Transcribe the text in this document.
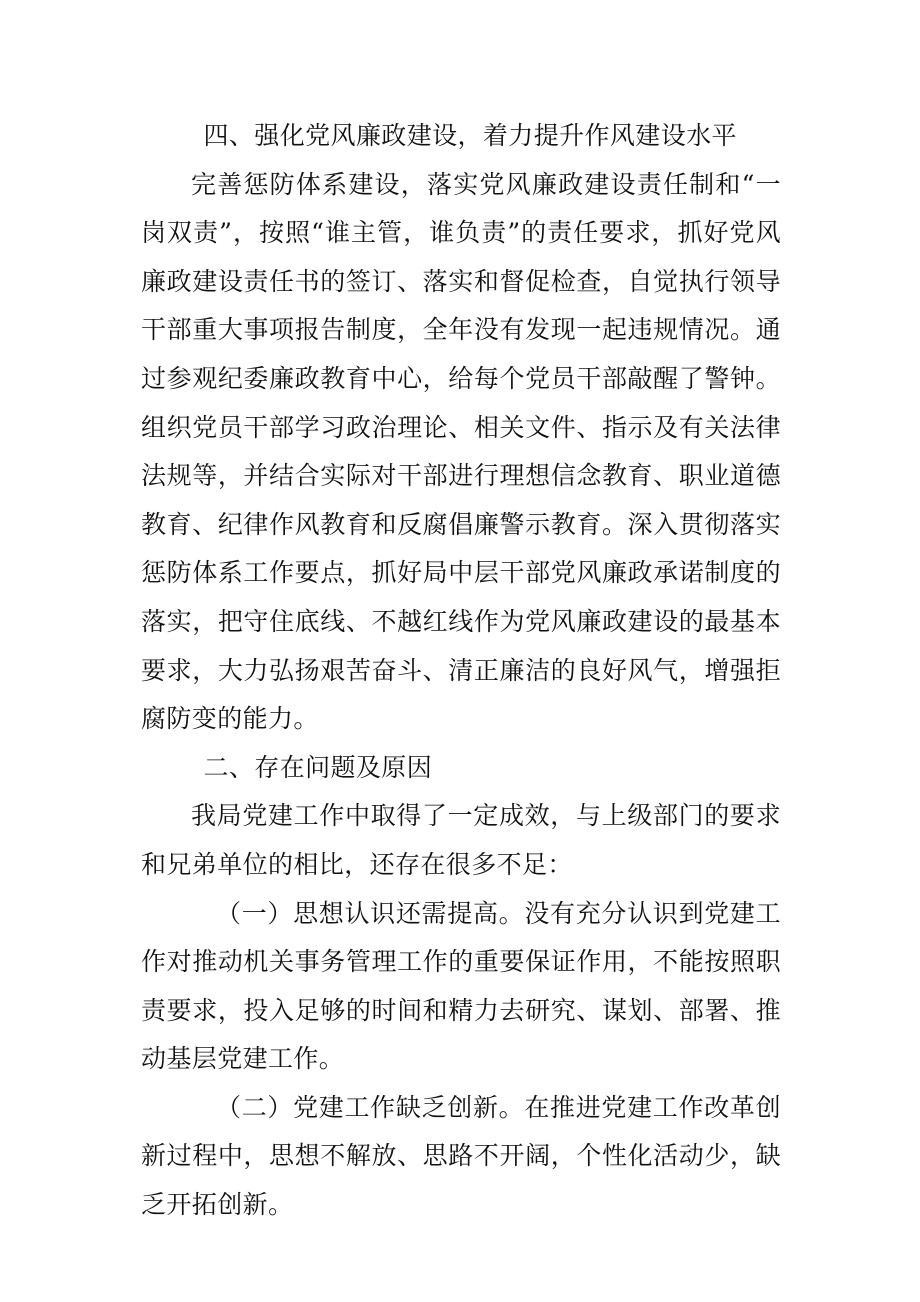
四、强化党风廉政建设，着力提升作风建设水平

完善惩防体系建设，落实党风廉政建设责任制和“一岗双责”，按照“谁主管，谁负责”的责任要求，抓好党风廉政建设责任书的签订、落实和督促检查，自觉执行领导干部重大事项报告制度，全年没有发现一起违规情况。通过参观纪委廉政教育中心，给每个党员干部敲醒了警钟。组织党员干部学习政治理论、相关文件、指示及有关法律法规等，并结合实际对干部进行理想信念教育、职业道德教育、纪律作风教育和反腐倡廉警示教育。深入贯彻落实惩防体系工作要点，抓好局中层干部党风廉政承诺制度的落实，把守住底线、不越红线作为党风廉政建设的最基本要求，大力弘扬艰苦奋斗、清正廉洁的良好风气，增强拒腐防变的能力。

二、存在问题及原因

我局党建工作中取得了一定成效，与上级部门的要求和兄弟单位的相比，还存在很多不足：

（一）思想认识还需提高。没有充分认识到党建工作对推动机关事务管理工作的重要保证作用，不能按照职责要求，投入足够的时间和精力去研究、谋划、部署、推动基层党建工作。

（二）党建工作缺乏创新。在推进党建工作改革创新过程中，思想不解放、思路不开阔，个性化活动少，缺乏开拓创新。
